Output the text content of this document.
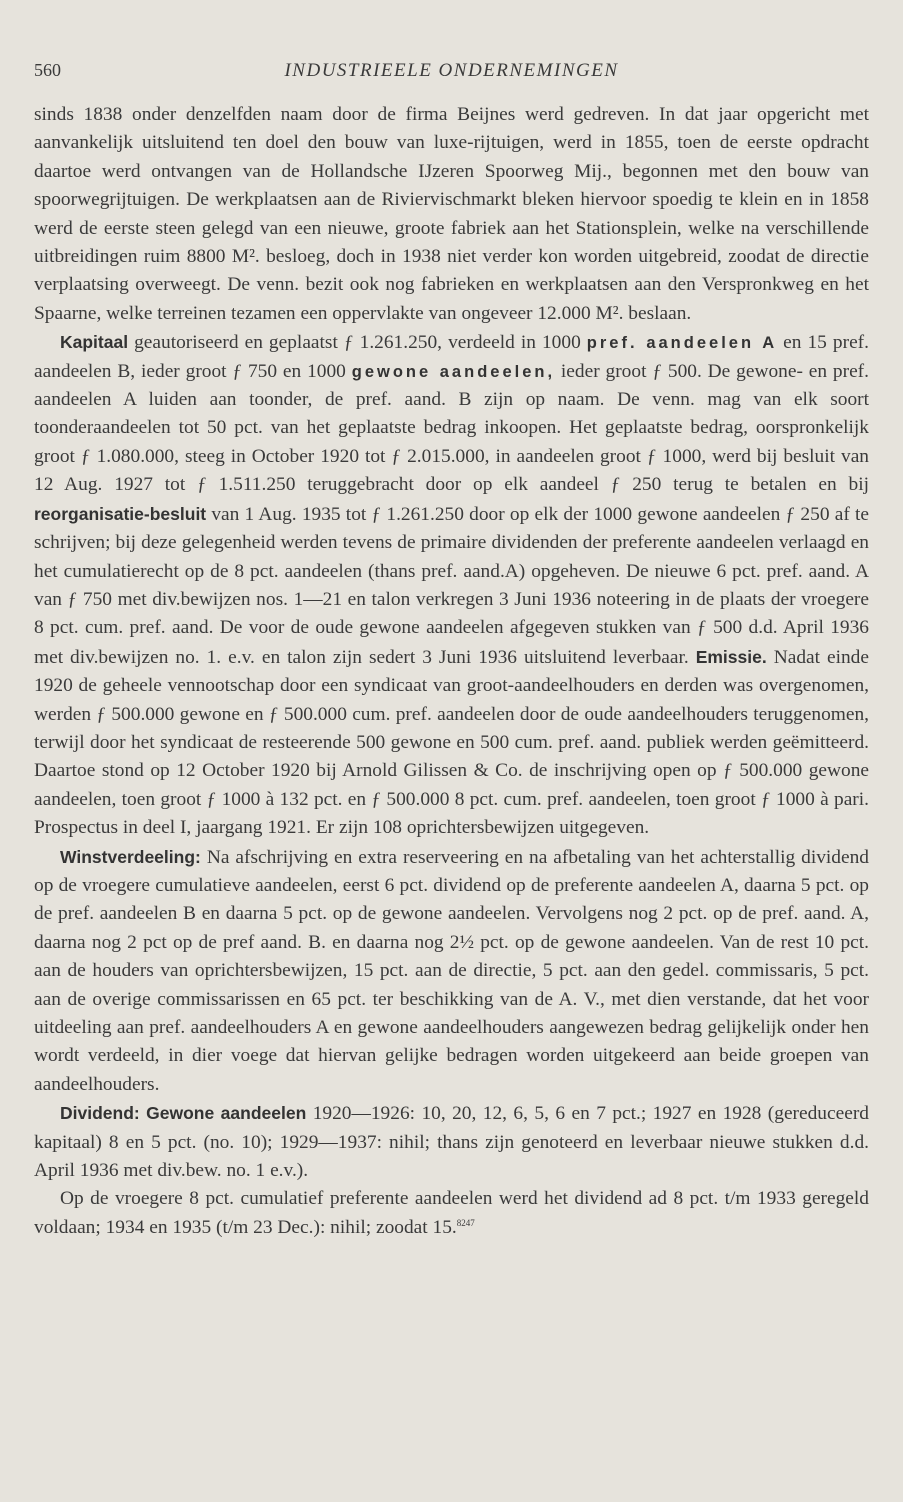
560	INDUSTRIEELE ONDERNEMINGEN

sinds 1838 onder denzelfden naam door de firma Beijnes werd gedreven. In dat jaar opgericht met aanvankelijk uitsluitend ten doel den bouw van luxe-rijtuigen, werd in 1855, toen de eerste opdracht daartoe werd ontvangen van de Hollandsche IJzeren Spoorweg Mij., begonnen met den bouw van spoorwegrijtuigen. De werkplaatsen aan de Riviervischmarkt bleken hiervoor spoedig te klein en in 1858 werd de eerste steen gelegd van een nieuwe, groote fabriek aan het Stationsplein, welke na verschillende uitbreidingen ruim 8800 M². besloeg, doch in 1938 niet verder kon worden uitgebreid, zoodat de directie verplaatsing overweegt. De venn. bezit ook nog fabrieken en werkplaatsen aan den Verspronkweg en het Spaarne, welke terreinen tezamen een oppervlakte van ongeveer 12.000 M². beslaan.

Kapitaal geautoriseerd en geplaatst ƒ 1.261.250, verdeeld in 1000 pref. aandeelen A en 15 pref. aandeelen B, ieder groot ƒ 750 en 1000 gewone aandeelen, ieder groot ƒ 500. De gewone- en pref. aandeelen A luiden aan toonder, de pref. aand. B zijn op naam. De venn. mag van elk soort toonderaandeelen tot 50 pct. van het geplaatste bedrag inkoopen. Het geplaatste bedrag, oorspronkelijk groot ƒ 1.080.000, steeg in October 1920 tot ƒ 2.015.000, in aandeelen groot ƒ 1000, werd bij besluit van 12 Aug. 1927 tot ƒ 1.511.250 teruggebracht door op elk aandeel ƒ 250 terug te betalen en bij reorganisatie-besluit van 1 Aug. 1935 tot ƒ 1.261.250 door op elk der 1000 gewone aandeelen ƒ 250 af te schrijven; bij deze gelegenheid werden tevens de primaire dividenden der preferente aandeelen verlaagd en het cumulatierecht op de 8 pct. aandeelen (thans pref. aand.A) opgeheven. De nieuwe 6 pct. pref. aand. A van ƒ 750 met div.bewijzen nos. 1—21 en talon verkregen 3 Juni 1936 noteering in de plaats der vroegere 8 pct. cum. pref. aand. De voor de oude gewone aandeelen afgegeven stukken van ƒ 500 d.d. April 1936 met div.bewijzen no. 1. e.v. en talon zijn sedert 3 Juni 1936 uitsluitend leverbaar. Emissie. Nadat einde 1920 de geheele vennootschap door een syndicaat van groot-aandeelhouders en derden was overgenomen, werden ƒ 500.000 gewone en ƒ 500.000 cum. pref. aandeelen door de oude aandeelhouders teruggenomen, terwijl door het syndicaat de resteerende 500 gewone en 500 cum. pref. aand. publiek werden geëmitteerd. Daartoe stond op 12 October 1920 bij Arnold Gilissen & Co. de inschrijving open op ƒ 500.000 gewone aandeelen, toen groot ƒ 1000 à 132 pct. en ƒ 500.000 8 pct. cum. pref. aandeelen, toen groot ƒ 1000 à pari. Prospectus in deel I, jaargang 1921. Er zijn 108 oprichtersbewijzen uitgegeven.

Winstverdeeling: Na afschrijving en extra reserveering en na afbetaling van het achterstallig dividend op de vroegere cumulatieve aandeelen, eerst 6 pct. dividend op de preferente aandeelen A, daarna 5 pct. op de pref. aandeelen B en daarna 5 pct. op de gewone aandeelen. Vervolgens nog 2 pct. op de pref. aand. A, daarna nog 2 pct op de pref aand. B. en daarna nog 2½ pct. op de gewone aandeelen. Van de rest 10 pct. aan de houders van oprichtersbewijzen, 15 pct. aan de directie, 5 pct. aan den gedel. commissaris, 5 pct. aan de overige commissarissen en 65 pct. ter beschikking van de A. V., met dien verstande, dat het voor uitdeeling aan pref. aandeelhouders A en gewone aandeelhouders aangewezen bedrag gelijkelijk onder hen wordt verdeeld, in dier voege dat hiervan gelijke bedragen worden uitgekeerd aan beide groepen van aandeelhouders.

Dividend: Gewone aandeelen 1920—1926: 10, 20, 12, 6, 5, 6 en 7 pct.; 1927 en 1928 (gereduceerd kapitaal) 8 en 5 pct. (no. 10); 1929—1937: nihil; thans zijn genoteerd en leverbaar nieuwe stukken d.d. April 1936 met div.bew. no. 1 e.v.).

Op de vroegere 8 pct. cumulatief preferente aandeelen werd het dividend ad 8 pct. t/m 1933 geregeld voldaan; 1934 en 1935 (t/m 23 Dec.): nihil; zoodat 15.$^{8247}$
